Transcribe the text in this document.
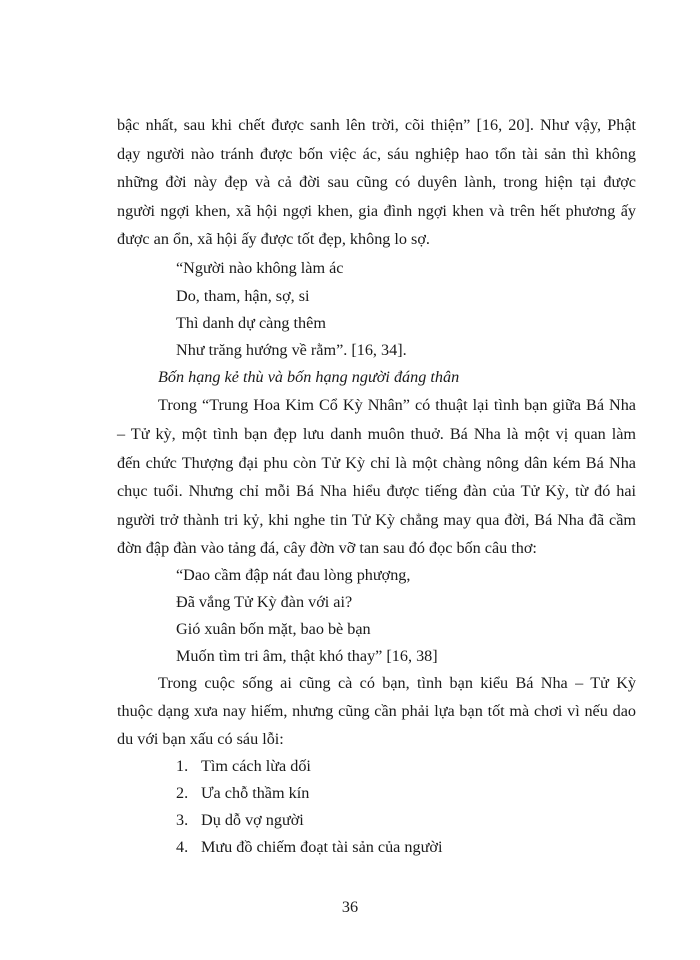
bậc nhất, sau khi chết được sanh lên trời, cõi thiện” [16, 20]. Như vậy, Phật
dạy người nào tránh được bốn việc ác, sáu nghiệp hao tổn tài sản thì không
những đời này đẹp và cả đời sau cũng có duyên lành, trong hiện tại được
người ngợi khen, xã hội ngợi khen, gia đình ngợi khen và trên hết phương ấy
được an ổn, xã hội ấy được tốt đẹp, không lo sợ.
“Người nào không làm ác
Do, tham, hận, sợ, si
Thì danh dự càng thêm
Như trăng hướng về rằm”. [16, 34].
Bốn hạng kẻ thù và bốn hạng người đáng thân
Trong “Trung Hoa Kim Cổ Kỳ Nhân” có thuật lại tình bạn giữa Bá Nha
– Tử kỳ, một tình bạn đẹp lưu danh muôn thuở. Bá Nha là một vị quan làm
đến chức Thượng đại phu còn Tử Kỳ chỉ là một chàng nông dân kém Bá Nha
chục tuổi. Nhưng chỉ mỗi Bá Nha hiểu được tiếng đàn của Tử Kỳ, từ đó hai
người trở thành tri kỷ, khi nghe tin Tử Kỳ chẳng may qua đời, Bá Nha đã cầm
đờn đập đàn vào tảng đá, cây đờn vỡ tan sau đó đọc bốn câu thơ:
“Dao cầm đập nát đau lòng phượng,
Đã vắng Tử Kỳ đàn với ai?
Gió xuân bốn mặt, bao bè bạn
Muốn tìm tri âm, thật khó thay” [16, 38]
Trong cuộc sống ai cũng cà có bạn, tình bạn kiểu Bá Nha – Tử Kỳ
thuộc dạng xưa nay hiếm, nhưng cũng cần phải lựa bạn tốt mà chơi vì nếu dao
du với bạn xấu có sáu lỗi:
1. Tìm cách lừa dối
2. Ưa chỗ thầm kín
3. Dụ dỗ vợ người
4. Mưu đồ chiếm đoạt tài sản của người
36
